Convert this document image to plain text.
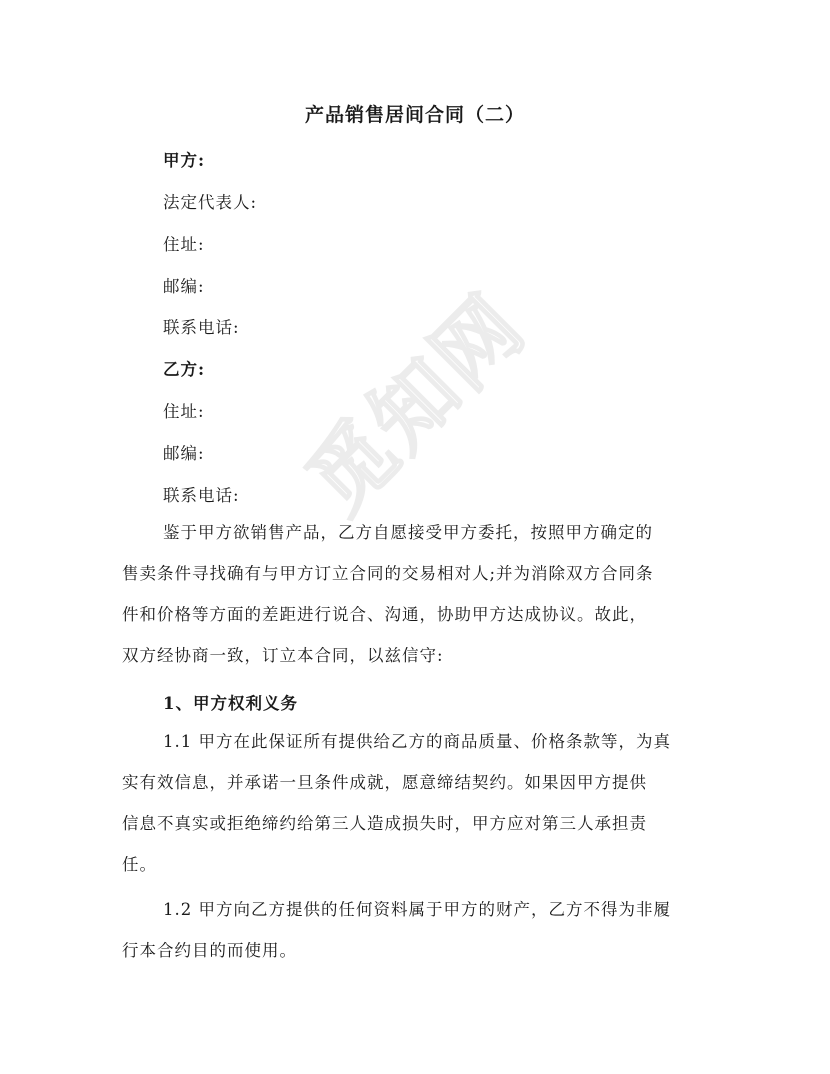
觅知网
产品销售居间合同（二）
甲方:
法定代表人:
住址:
邮编:
联系电话:
乙方:
住址:
邮编:
联系电话:
鉴于甲方欲销售产品，乙方自愿接受甲方委托，按照甲方确定的
售卖条件寻找确有与甲方订立合同的交易相对人;并为消除双方合同条
件和价格等方面的差距进行说合、沟通，协助甲方达成协议。故此，
双方经协商一致，订立本合同，以兹信守:
1、甲方权利义务
1.1 甲方在此保证所有提供给乙方的商品质量、价格条款等，为真
实有效信息，并承诺一旦条件成就，愿意缔结契约。如果因甲方提供
信息不真实或拒绝缔约给第三人造成损失时，甲方应对第三人承担责
任。
1.2 甲方向乙方提供的任何资料属于甲方的财产，乙方不得为非履
行本合约目的而使用。
